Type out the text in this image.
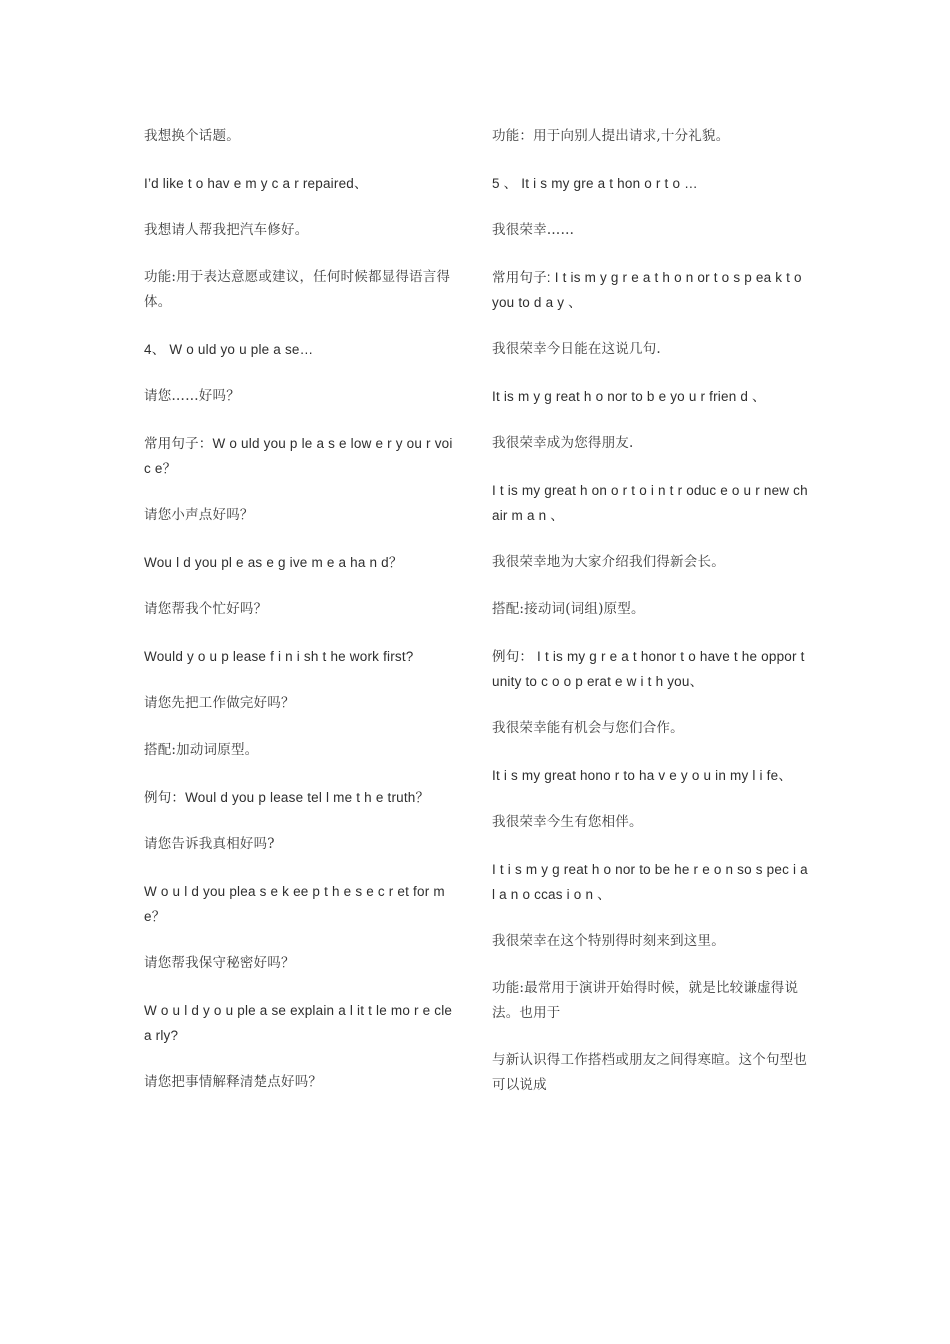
我想换个话题。

I’d like t o hav e m y c a r repaired、

我想请人帮我把汽车修好。

功能:用于表达意愿或建议，任何时候都显得语言得体。

4、 W o uld yo u ple a se…

请您……好吗？

常用句子：W o uld you p le a s e low e r y ou r voi c e？

请您小声点好吗？

Wou l d you pl e as e g ive m e a ha n d？

请您帮我个忙好吗？

Would y o u p lease f i n i sh t he work first?

请您先把工作做完好吗？

搭配:加动词原型。

例句：Woul d you p lease tel l me t h e truth？

请您告诉我真相好吗?

W o u l d you plea s e k ee p t h e s e c r et for me？

请您帮我保守秘密好吗？

W o u l d y o u ple a se explain a l it t le mo r e cle a rly?

请您把事情解释清楚点好吗？

功能：用于向别人提出请求,十分礼貌。

5 、 It i s my gre a t hon o r t o …

我很荣幸……

常用句子: I t is m y g r e a t h o n or t o s p ea k t o you to d a y 、

我很荣幸今日能在这说几句.

It is m y g reat h o nor to b e yo u r frien d 、

我很荣幸成为您得朋友.

I t is my great h on o r t o i n t r oduc e o u r new chair m a n 、

我很荣幸地为大家介绍我们得新会长。

搭配:接动词(词组)原型。

例句： I t is my g r e a t honor t o have t he oppor t unity to c o o p erat e w i t h you、

我很荣幸能有机会与您们合作。

It i s my great hono r to ha v e y o u in my l i fe、

我很荣幸今生有您相伴。

I t i s m y g reat h o nor to be he r e o n so s pec i al a n o ccas i o n 、

我很荣幸在这个特别得时刻来到这里。

功能:最常用于演讲开始得时候，就是比较谦虚得说法。也用于

与新认识得工作搭档或朋友之间得寒暄。这个句型也可以说成
